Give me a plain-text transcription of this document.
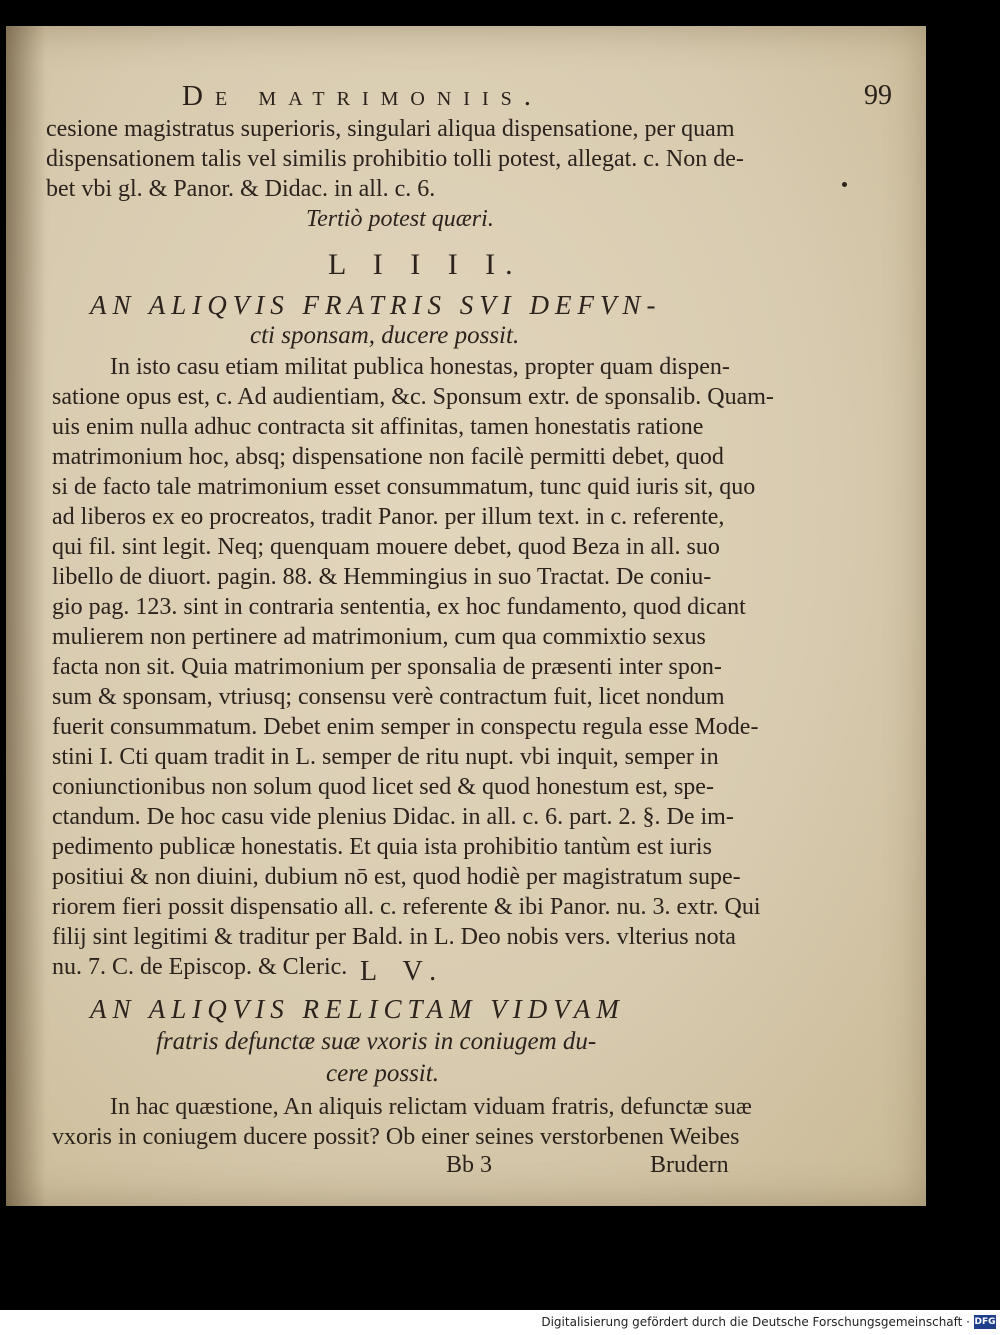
De matrimoniis.	99
cesione magistratus superioris, singulari aliqua dispensatione, per quam
dispensationem talis vel similis prohibitio tolli potest, allegat. c. Non de-
bet vbi gl. & Panor. & Didac. in all. c. 6.
Tertiò potest quæri.
L I I I I.
AN ALIQVIS FRATRIS SVI DEFVN-
cti sponsam, ducere possit.
In isto casu etiam militat publica honestas, propter quam dispen-
satione opus est, c. Ad audientiam, &c. Sponsum extr. de sponsalib. Quam-
uis enim nulla adhuc contracta sit affinitas, tamen honestatis ratione
matrimonium hoc, absq; dispensatione non facilè permitti debet, quod
si de facto tale matrimonium esset consummatum, tunc quid iuris sit, quo
ad liberos ex eo procreatos, tradit Panor. per illum text. in c. referente,
qui fil. sint legit. Neq; quenquam mouere debet, quod Beza in all. suo
libello de diuort. pagin. 88. & Hemmingius in suo Tractat. De coniu-
gio pag. 123. sint in contraria sententia, ex hoc fundamento, quod dicant
mulierem non pertinere ad matrimonium, cum qua commixtio sexus
facta non sit. Quia matrimonium per sponsalia de præsenti inter spon-
sum & sponsam, vtriusq; consensu verè contractum fuit, licet nondum
fuerit consummatum. Debet enim semper in conspectu regula esse Mode-
stini I. Cti quam tradit in L. semper de ritu nupt. vbi inquit, semper in
coniunctionibus non solum quod licet sed & quod honestum est, spe-
ctandum. De hoc casu vide plenius Didac. in all. c. 6. part. 2. §. De im-
pedimento publicæ honestatis. Et quia ista prohibitio tantùm est iuris
positiui & non diuini, dubium nō est, quod hodiè per magistratum supe-
riorem fieri possit dispensatio all. c. referente & ibi Panor. nu. 3. extr. Qui
filij sint legitimi & traditur per Bald. in L. Deo nobis vers. vlterius nota
nu. 7. C. de Episcop. & Cleric. L V.
AN ALIQVIS RELICTAM VIDVAM
fratris defunctæ suæ vxoris in coniugem du-
cere possit.
In hac quæstione, An aliquis relictam viduam fratris, defunctæ suæ
vxoris in coniugem ducere possit? Ob einer seines verstorbenen Weibes
Bb 3	Brudern
Digitalisierung gefördert durch die Deutsche Forschungsgemeinschaft · DFG
